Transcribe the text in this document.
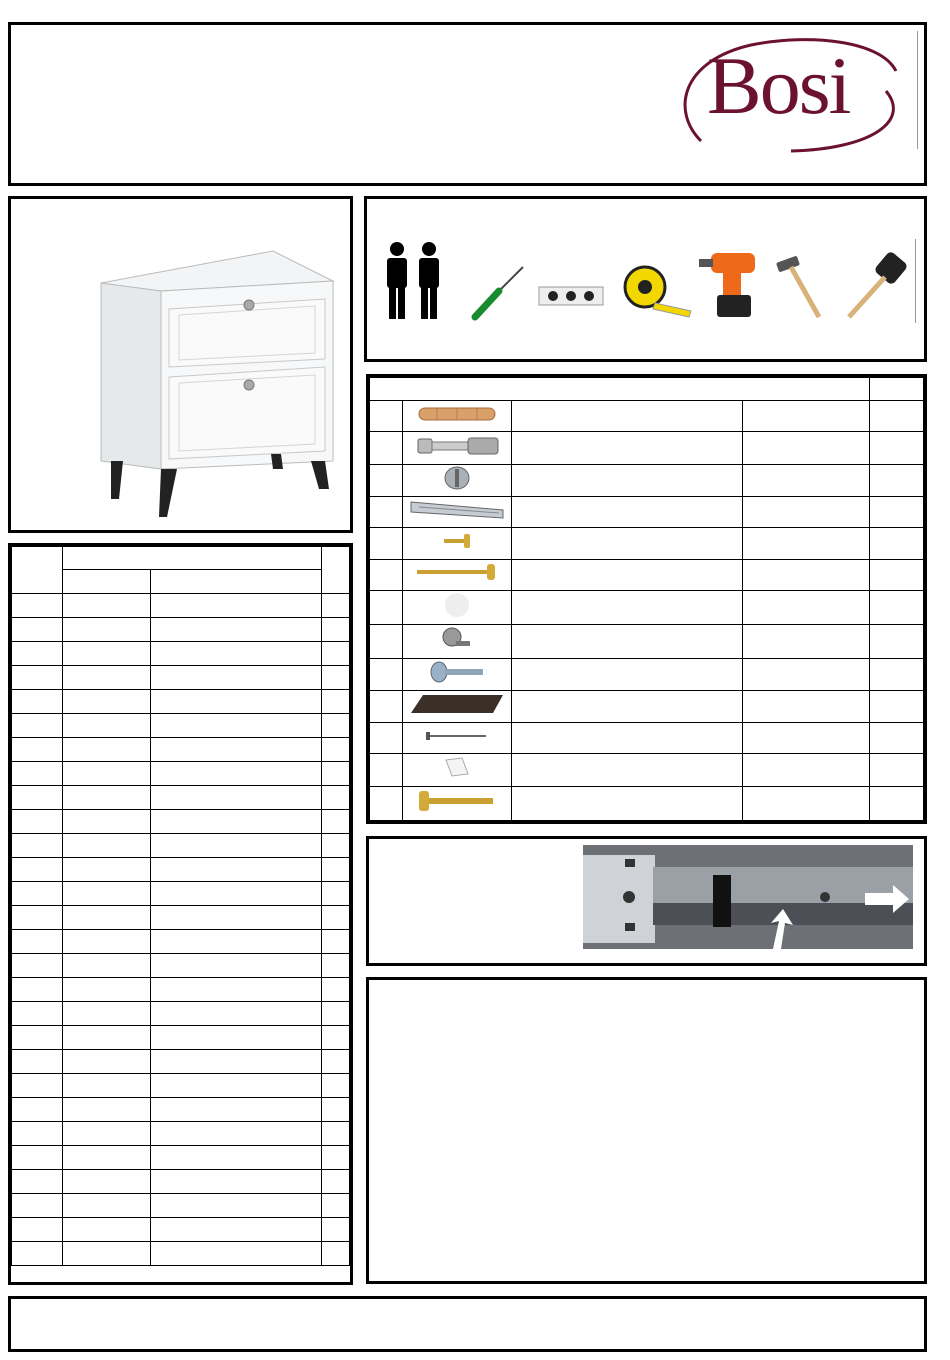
Bosi
